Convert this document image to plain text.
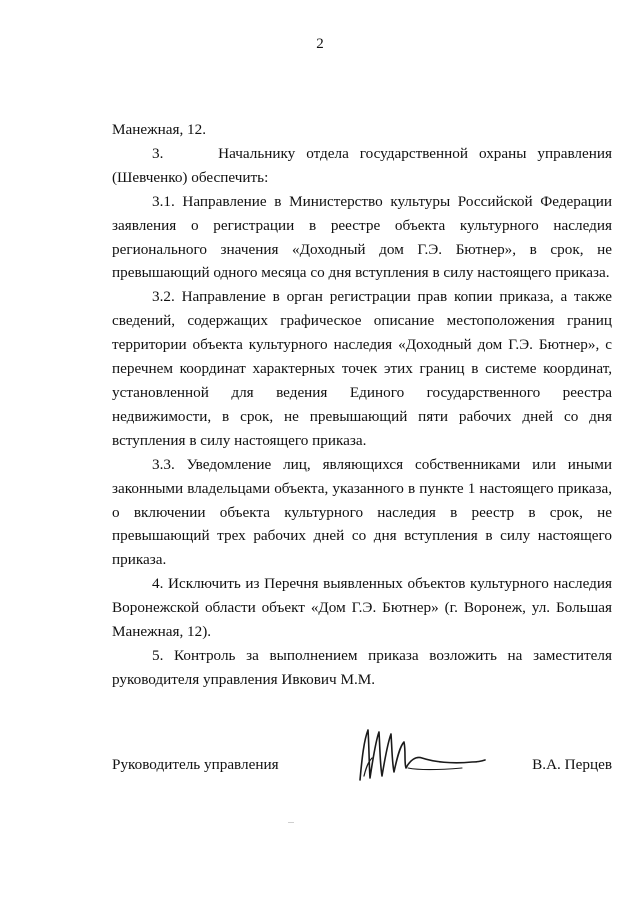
2

Манежная, 12.

3.     Начальнику отдела государственной охраны управления (Шевченко) обеспечить:

3.1. Направление в Министерство культуры Российской Федерации заявления о регистрации в реестре объекта культурного наследия регионального значения «Доходный дом Г.Э. Бютнер», в срок, не превышающий одного месяца со дня вступления в силу настоящего приказа.

3.2. Направление в орган регистрации прав копии приказа, а также сведений, содержащих графическое описание местоположения границ территории объекта культурного наследия «Доходный дом Г.Э. Бютнер», с перечнем координат характерных точек этих границ в системе координат, установленной для ведения Единого государственного реестра недвижимости, в срок, не превышающий пяти рабочих дней со дня вступления в силу настоящего приказа.

3.3. Уведомление лиц, являющихся собственниками или иными законными владельцами объекта, указанного в пункте 1 настоящего приказа, о включении объекта культурного наследия в реестр в срок, не превышающий трех рабочих дней со дня вступления в силу настоящего приказа.

4. Исключить из Перечня выявленных объектов культурного наследия Воронежской области объект «Дом Г.Э. Бютнер» (г. Воронеж, ул. Большая Манежная, 12).

5. Контроль за выполнением приказа возложить на заместителя руководителя управления Ивкович М.М.

Руководитель управления	В.А. Перцев
